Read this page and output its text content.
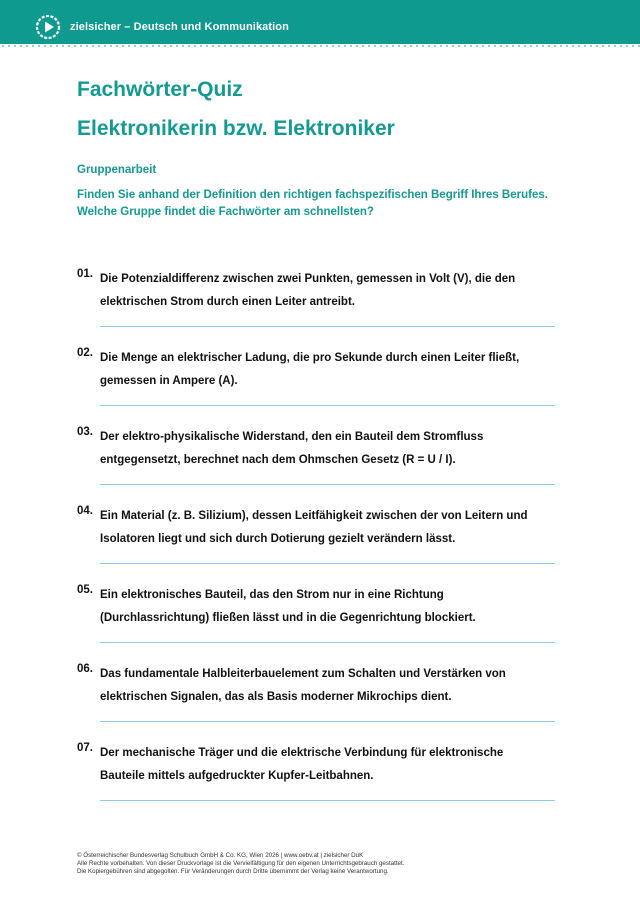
zielsicher – Deutsch und Kommunikation
Fachwörter-Quiz
Elektronikerin bzw. Elektroniker

Gruppenarbeit

Finden Sie anhand der Definition den richtigen fachspezifischen Begriff Ihres Berufes.
Welche Gruppe findet die Fachwörter am schnellsten?

01. Die Potenzialdifferenz zwischen zwei Punkten, gemessen in Volt (V), die den
elektrischen Strom durch einen Leiter antreibt.
02. Die Menge an elektrischer Ladung, die pro Sekunde durch einen Leiter fließt,
gemessen in Ampere (A).
03. Der elektro-physikalische Widerstand, den ein Bauteil dem Stromfluss
entgegensetzt, berechnet nach dem Ohmschen Gesetz (R = U / I).
04. Ein Material (z. B. Silizium), dessen Leitfähigkeit zwischen der von Leitern und
Isolatoren liegt und sich durch Dotierung gezielt verändern lässt.
05. Ein elektronisches Bauteil, das den Strom nur in eine Richtung
(Durchlassrichtung) fließen lässt und in die Gegenrichtung blockiert.
06. Das fundamentale Halbleiterbauelement zum Schalten und Verstärken von
elektrischen Signalen, das als Basis moderner Mikrochips dient.
07. Der mechanische Träger und die elektrische Verbindung für elektronische
Bauteile mittels aufgedruckter Kupfer-Leitbahnen.
© Österreichischer Bundesverlag Schulbuch GmbH & Co. KG, Wien 2026 | www.oebv.at | zielsicher DuK
Alle Rechte vorbehalten. Von dieser Druckvorlage ist die Vervielfältigung für den eigenen Unterrichtsgebrauch gestattet.
Die Kopiergebühren sind abgegolten. Für Veränderungen durch Dritte übernimmt der Verlag keine Verantwortung.
